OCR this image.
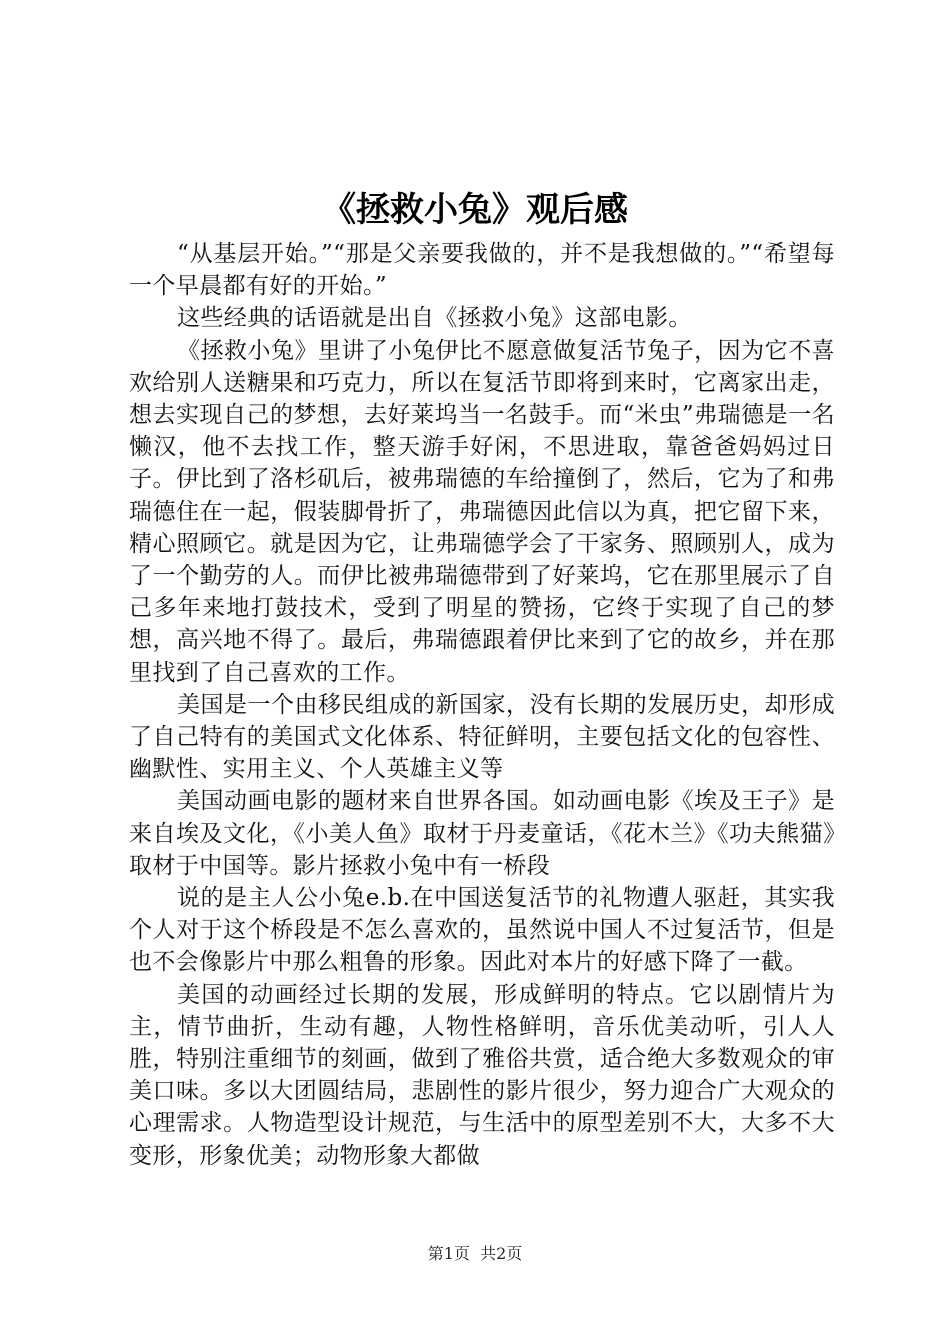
《拯救小兔》观后感

“从基层开始。”“那是父亲要我做的，并不是我想做的。”“希望每一个早晨都有好的开始。”

这些经典的话语就是出自《拯救小兔》这部电影。

《拯救小兔》里讲了小兔伊比不愿意做复活节兔子，因为它不喜欢给别人送糖果和巧克力，所以在复活节即将到来时，它离家出走，想去实现自己的梦想，去好莱坞当一名鼓手。而“米虫”弗瑞德是一名懒汉，他不去找工作，整天游手好闲，不思进取，靠爸爸妈妈过日子。伊比到了洛杉矶后，被弗瑞德的车给撞倒了，然后，它为了和弗瑞德住在一起，假装脚骨折了，弗瑞德因此信以为真，把它留下来，精心照顾它。就是因为它，让弗瑞德学会了干家务、照顾别人，成为了一个勤劳的人。而伊比被弗瑞德带到了好莱坞，它在那里展示了自己多年来地打鼓技术，受到了明星的赞扬，它终于实现了自己的梦想，高兴地不得了。最后，弗瑞德跟着伊比来到了它的故乡，并在那里找到了自己喜欢的工作。

美国是一个由移民组成的新国家，没有长期的发展历史，却形成了自己特有的美国式文化体系、特征鲜明，主要包括文化的包容性、幽默性、实用主义、个人英雄主义等

美国动画电影的题材来自世界各国。如动画电影《埃及王子》是来自埃及文化，《小美人鱼》取材于丹麦童话，《花木兰》《功夫熊猫》取材于中国等。影片拯救小兔中有一桥段

说的是主人公小兔e.b.在中国送复活节的礼物遭人驱赶，其实我个人对于这个桥段是不怎么喜欢的，虽然说中国人不过复活节，但是也不会像影片中那么粗鲁的形象。因此对本片的好感下降了一截。

美国的动画经过长期的发展，形成鲜明的特点。它以剧情片为主，情节曲折，生动有趣，人物性格鲜明，音乐优美动听，引人人胜，特别注重细节的刻画，做到了雅俗共赏，适合绝大多数观众的审美口味。多以大团圆结局，悲剧性的影片很少，努力迎合广大观众的心理需求。人物造型设计规范，与生活中的原型差别不大，大多不大变形，形象优美；动物形象大都做

第1页 共2页
